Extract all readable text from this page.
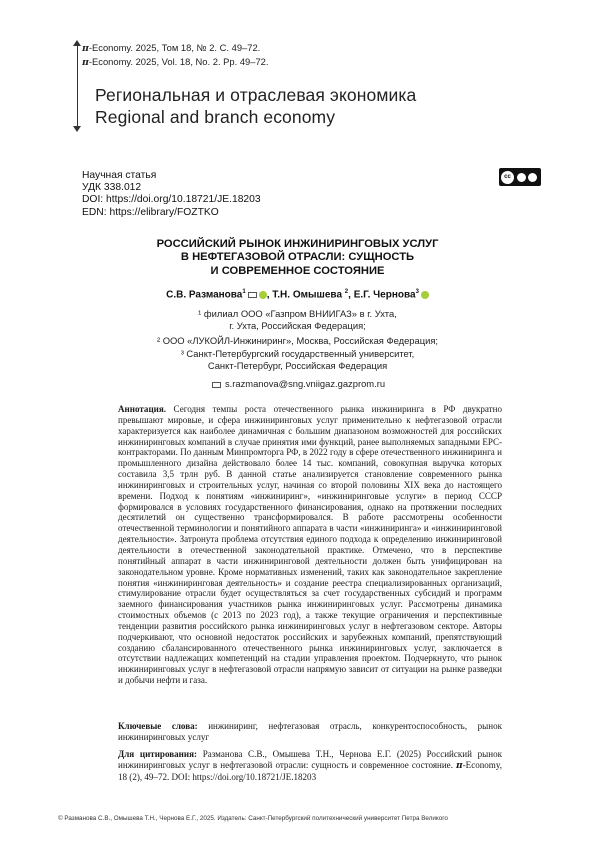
π-Economy. 2025, Том 18, № 2. С. 49–72.
π-Economy. 2025, Vol. 18, No. 2. Pp. 49–72.
Региональная и отраслевая экономика
Regional and branch economy
Научная статья
УДК 338.012
DOI: https://doi.org/10.18721/JE.18203
EDN: https://elibrary/FOZTKO
cc
РОССИЙСКИЙ РЫНОК ИНЖИНИРИНГОВЫХ УСЛУГ
В НЕФТЕГАЗОВОЙ ОТРАСЛИ: СУЩНОСТЬ
И СОВРЕМЕННОЕ СОСТОЯНИЕ
С.В. Разманова$^1$ , Т.Н. Омышева $^2$, Е.Г. Чернова$^3$
¹ филиал ООО «Газпром ВНИИГАЗ» в г. Ухта,
г. Ухта, Российская Федерация;
² ООО «ЛУКОЙЛ-Инжиниринг», Москва, Российская Федерация;
³ Санкт-Петербургский государственный университет,
Санкт-Петербург, Российская Федерация
s.razmanova@sng.vniigaz.gazprom.ru
Аннотация. Сегодня темпы роста отечественного рынка инжиниринга в РФ двукратно превышают мировые, и сфера инжиниринговых услуг применительно к нефтегазовой отрасли характеризуется как наиболее динамичная с большим диапазоном возможностей для российских инжиниринговых компаний в случае принятия ими функций, ранее выполняемых западными EPC-контракторами. По данным Минпромторга РФ, в 2022 году в сфере отечественного инжиниринга и промышленного дизайна действовало более 14 тыс. компаний, совокупная выручка которых составила 3,5 трлн руб. В данной статье анализируется становление современного рынка инжиниринговых и строительных услуг, начиная со второй половины XIX века до настоящего времени. Подход к понятиям «инжиниринг», «инжиниринговые услуги» в период СССР формировался в условиях государственного финансирования, однако на протяжении последних десятилетий он существенно трансформировался. В работе рассмотрены особенности отечественной терминологии и понятийного аппарата в части «инжиниринга» и «инжиниринговой деятельности». Затронута проблема отсутствия единого подхода к определению инжиниринговой деятельности в отечественной законодательной практике. Отмечено, что в перспективе понятийный аппарат в части инжиниринговой деятельности должен быть унифицирован на законодательном уровне. Кроме нормативных изменений, таких как законодательное закрепление понятия «инжиниринговая деятельность» и создание реестра специализированных организаций, стимулирование отрасли будет осуществляться за счет государственных субсидий и программ заемного финансирования участников рынка инжиниринговых услуг. Рассмотрены динамика стоимостных объемов (с 2013 по 2023 год), а также текущие ограничения и перспективные тенденции развития российского рынка инжиниринговых услуг в нефтегазовом секторе. Авторы подчеркивают, что основной недостаток российских и зарубежных компаний, препятствующий созданию сбалансированного отечественного рынка инжиниринговых услуг, заключается в отсутствии надлежащих компетенций на стадии управления проектом. Подчеркнуто, что рынок инжиниринговых услуг в нефтегазовой отрасли напрямую зависит от ситуации на рынке разведки и добычи нефти и газа.
Ключевые слова: инжиниринг, нефтегазовая отрасль, конкурентоспособность, рынок инжиниринговых услуг
Для цитирования: Разманова С.В., Омышева Т.Н., Чернова Е.Г. (2025) Российский рынок инжиниринговых услуг в нефтегазовой отрасли: сущность и современное состояние. π-Economy, 18 (2), 49–72. DOI: https://doi.org/10.18721/JE.18203
© Разманова С.В., Омышева Т.Н., Чернова Е.Г., 2025. Издатель: Санкт-Петербургский политехнический университет Петра Великого
